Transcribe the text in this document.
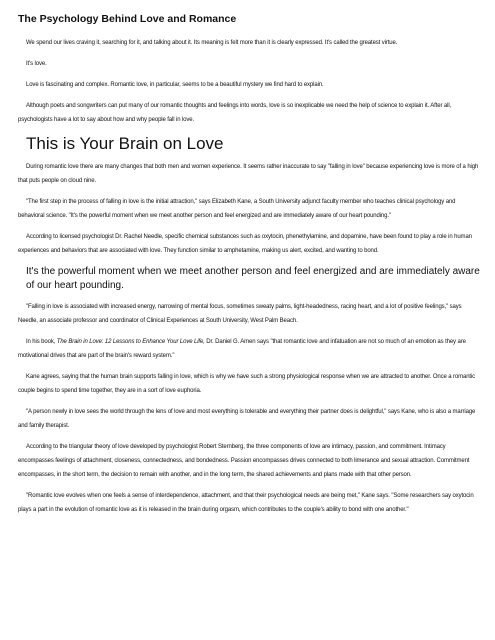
The Psychology Behind Love and Romance

We spend our lives craving it, searching for it, and talking about it. Its meaning is felt more than it is clearly expressed. It's called the greatest virtue.

It's love.

Love is fascinating and complex. Romantic love, in particular, seems to be a beautiful mystery we find hard to explain.

Although poets and songwriters can put many of our romantic thoughts and feelings into words, love is so inexplicable we need the help of science to explain it. After all, psychologists have a lot to say about how and why people fall in love.

This is Your Brain on Love

During romantic love there are many changes that both men and women experience. It seems rather inaccurate to say "falling in love" because experiencing love is more of a high that puts people on cloud nine.

"The first step in the process of falling in love is the initial attraction," says Elizabeth Kane, a South University adjunct faculty member who teaches clinical psychology and behavioral science. "It's the powerful moment when we meet another person and feel energized and are immediately aware of our heart pounding."

According to licensed psychologist Dr. Rachel Needle, specific chemical substances such as oxytocin, phenethylamine, and dopamine, have been found to play a role in human experiences and behaviors that are associated with love. They function similar to amphetamine, making us alert, excited, and wanting to bond.

It's the powerful moment when we meet another person and feel energized and are immediately aware of our heart pounding.

"Falling in love is associated with increased energy, narrowing of mental focus, sometimes sweaty palms, light-headedness, racing heart, and a lot of positive feelings," says Needle, an associate professor and coordinator of Clinical Experiences at South University, West Palm Beach.

In his book, The Brain in Love: 12 Lessons to Enhance Your Love Life, Dr. Daniel G. Amen says "that romantic love and infatuation are not so much of an emotion as they are motivational drives that are part of the brain's reward system."

Kane agrees, saying that the human brain supports falling in love, which is why we have such a strong physiological response when we are attracted to another. Once a romantic couple begins to spend time together, they are in a sort of love euphoria.

"A person newly in love sees the world through the lens of love and most everything is tolerable and everything their partner does is delightful," says Kane, who is also a marriage and family therapist.

According to the triangular theory of love developed by psychologist Robert Sternberg, the three components of love are intimacy, passion, and commitment. Intimacy encompasses feelings of attachment, closeness, connectedness, and bondedness. Passion encompasses drives connected to both limerance and sexual attraction. Commitment encompasses, in the short term, the decision to remain with another, and in the long term, the shared achievements and plans made with that other person.

"Romantic love evolves when one feels a sense of interdependence, attachment, and that their psychological needs are being met," Kane says. "Some researchers say oxytocin plays a part in the evolution of romantic love as it is released in the brain during orgasm, which contributes to the couple's ability to bond with one another."
